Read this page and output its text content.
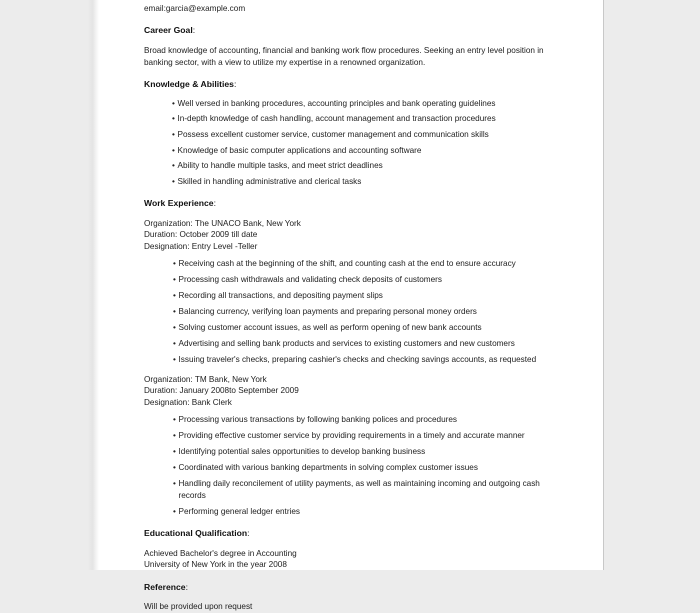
email:garcia@example.com
Career Goal:
Broad knowledge of accounting, financial and banking work flow procedures. Seeking an entry level position in banking sector, with a view to utilize my expertise in a renowned organization.
Knowledge & Abilities:
• Well versed in banking procedures, accounting principles and bank operating guidelines
• In-depth knowledge of cash handling, account management and transaction procedures
• Possess excellent customer service, customer management and communication skills
• Knowledge of basic computer applications and accounting software
• Ability to handle multiple tasks, and meet strict deadlines
• Skilled in handling administrative and clerical tasks
Work Experience:
Organization: The UNACO Bank, New York
Duration: October 2009 till date
Designation: Entry Level -Teller
• Receiving cash at the beginning of the shift, and counting cash at the end to ensure accuracy
• Processing cash withdrawals and validating check deposits of customers
• Recording all transactions, and depositing payment slips
• Balancing currency, verifying loan payments and preparing personal money orders
• Solving customer account issues, as well as perform opening of new bank accounts
• Advertising and selling bank products and services to existing customers and new customers
• Issuing traveler's checks, preparing cashier's checks and checking savings accounts, as requested
Organization: TM Bank, New York
Duration: January 2008to September 2009
Designation: Bank Clerk
• Processing various transactions by following banking polices and procedures
• Providing effective customer service by providing requirements in a timely and accurate manner
• Identifying potential sales opportunities to develop banking business
• Coordinated with various banking departments in solving complex customer issues
• Handling daily reconcilement of utility payments, as well as maintaining incoming and outgoing cash records
• Performing general ledger entries
Educational Qualification:
Achieved Bachelor's degree in Accounting
University of New York in the year 2008
Reference:
Will be provided upon request
